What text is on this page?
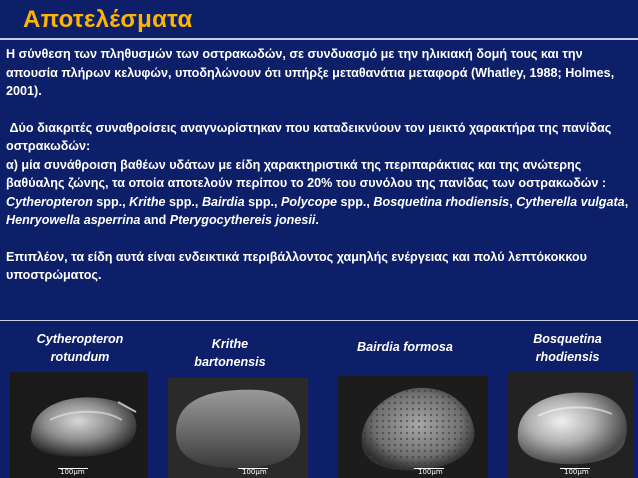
Αποτελέσματα

Η σύνθεση των πληθυσμών των οστρακωδών, σε συνδυασμό με την ηλικιακή δομή τους και την απουσία πλήρων κελυφών, υποδηλώνουν ότι υπήρξε μεταθανάτια μεταφορά (Whatley, 1988; Holmes, 2001).

Δύο διακριτές συναθροίσεις αναγνωρίστηκαν που καταδεικνύουν τον μεικτό χαρακτήρα της πανίδας οστρακωδών:

α) μία συνάθροιση βαθέων υδάτων με είδη χαρακτηριστικά της περιπαράκτιας και της ανώτερης βαθύαλης ζώνης, τα οποία αποτελούν περίπου το 20% του συνόλου της πανίδας των οστρακωδών : Cytheropteron spp., Krithe spp., Bairdia spp., Polycope spp., Bosquetina rhodiensis, Cytherella vulgata, Henryowella asperrina and Pterygocythereis jonesii.

Επιπλέον, τα είδη αυτά είναι ενδεικτικά περιβάλλοντος χαμηλής ενέργειας και πολύ λεπτόκοκκου υποστρώματος.

Cytheropteron
rotundum
Krithe
bartonensis
Bairdia formosa
Bosquetina
rhodiensis
100μm	100μm	100μm	100μm
